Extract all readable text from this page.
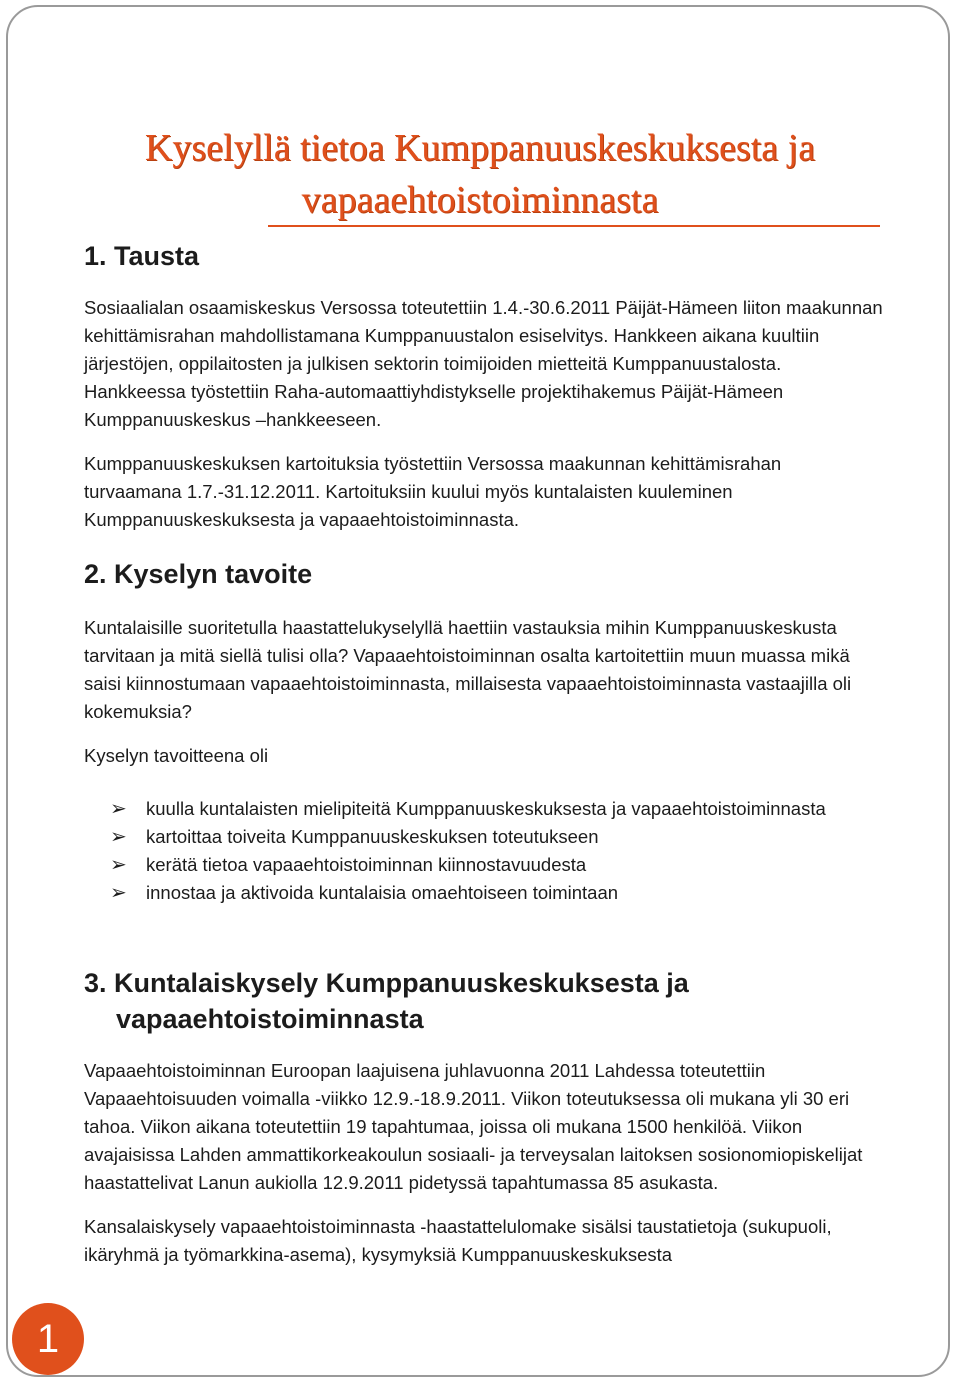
Kyselyllä tietoa Kumppanuuskeskuksesta ja
vapaaehtoistoiminnasta
1. Tausta

Sosiaalialan osaamiskeskus Versossa toteutettiin 1.4.-30.6.2011 Päijät-Hämeen liiton maakunnan kehittämisrahan mahdollistamana Kumppanuustalon esiselvitys. Hankkeen aikana kuultiin järjestöjen, oppilaitosten ja julkisen sektorin toimijoiden mietteitä Kumppanuustalosta. Hankkeessa työstettiin Raha-automaattiyhdistykselle projektihakemus Päijät-Hämeen Kumppanuuskeskus –hankkeeseen.

Kumppanuuskeskuksen kartoituksia työstettiin Versossa maakunnan kehittämisrahan turvaamana 1.7.-31.12.2011. Kartoituksiin kuului myös kuntalaisten kuuleminen Kumppanuuskeskuksesta ja vapaaehtoistoiminnasta.

2. Kyselyn tavoite

Kuntalaisille suoritetulla haastattelukyselyllä haettiin vastauksia mihin Kumppanuuskeskusta tarvitaan ja mitä siellä tulisi olla? Vapaaehtoistoiminnan osalta kartoitettiin muun muassa mikä saisi kiinnostumaan vapaaehtoistoiminnasta, millaisesta vapaaehtoistoiminnasta vastaajilla oli kokemuksia?

Kyselyn tavoitteena oli

➢ kuulla kuntalaisten mielipiteitä Kumppanuuskeskuksesta ja vapaaehtoistoiminnasta
➢ kartoittaa toiveita Kumppanuuskeskuksen toteutukseen
➢ kerätä tietoa vapaaehtoistoiminnan kiinnostavuudesta
➢ innostaa ja aktivoida kuntalaisia omaehtoiseen toimintaan
3. Kuntalaiskysely Kumppanuuskeskuksesta ja vapaaehtoistoiminnasta

Vapaaehtoistoiminnan Euroopan laajuisena juhlavuonna 2011 Lahdessa toteutettiin Vapaaehtoisuuden voimalla -viikko 12.9.-18.9.2011. Viikon toteutuksessa oli mukana yli 30 eri tahoa. Viikon aikana toteutettiin 19 tapahtumaa, joissa oli mukana 1500 henkilöä. Viikon avajaisissa Lahden ammattikorkeakoulun sosiaali- ja terveysalan laitoksen sosionomiopiskelijat haastattelivat Lanun aukiolla 12.9.2011 pidetyssä tapahtumassa 85 asukasta.

Kansalaiskysely vapaaehtoistoiminnasta -haastattelulomake sisälsi taustatietoja (sukupuoli, ikäryhmä ja työmarkkina-asema), kysymyksiä Kumppanuuskeskuksesta

1
